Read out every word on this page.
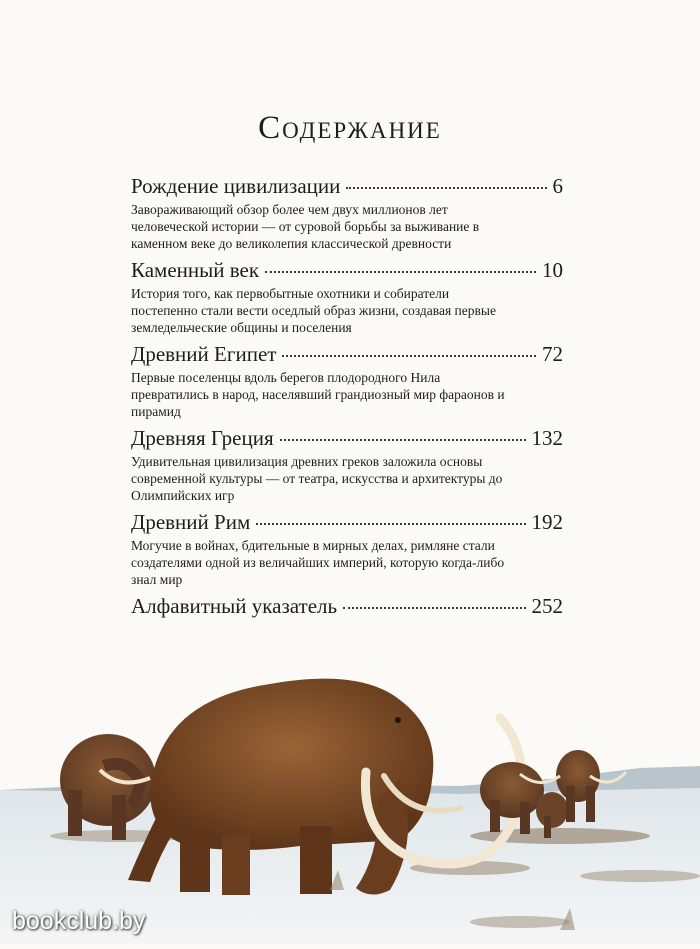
Содержание
Рождение цивилизации	6
Завораживающий обзор более чем двух миллионов лет человеческой истории — от суровой борьбы за выживание в каменном веке до великолепия классической древности
Каменный век	10
История того, как первобытные охотники и собиратели постепенно стали вести оседлый образ жизни, создавая первые земледельческие общины и поселения
Древний Египет	72
Первые поселенцы вдоль берегов плодородного Нила превратились в народ, населявший грандиозный мир фараонов и пирамид
Древняя Греция	132
Удивительная цивилизация древних греков заложила основы современной культуры — от театра, искусства и архитектуры до Олимпийских игр
Древний Рим	192
Могучие в войнах, бдительные в мирных делах, римляне стали создателями одной из величайших империй, которую когда-либо знал мир
Алфавитный указатель	252
bookclub.by
